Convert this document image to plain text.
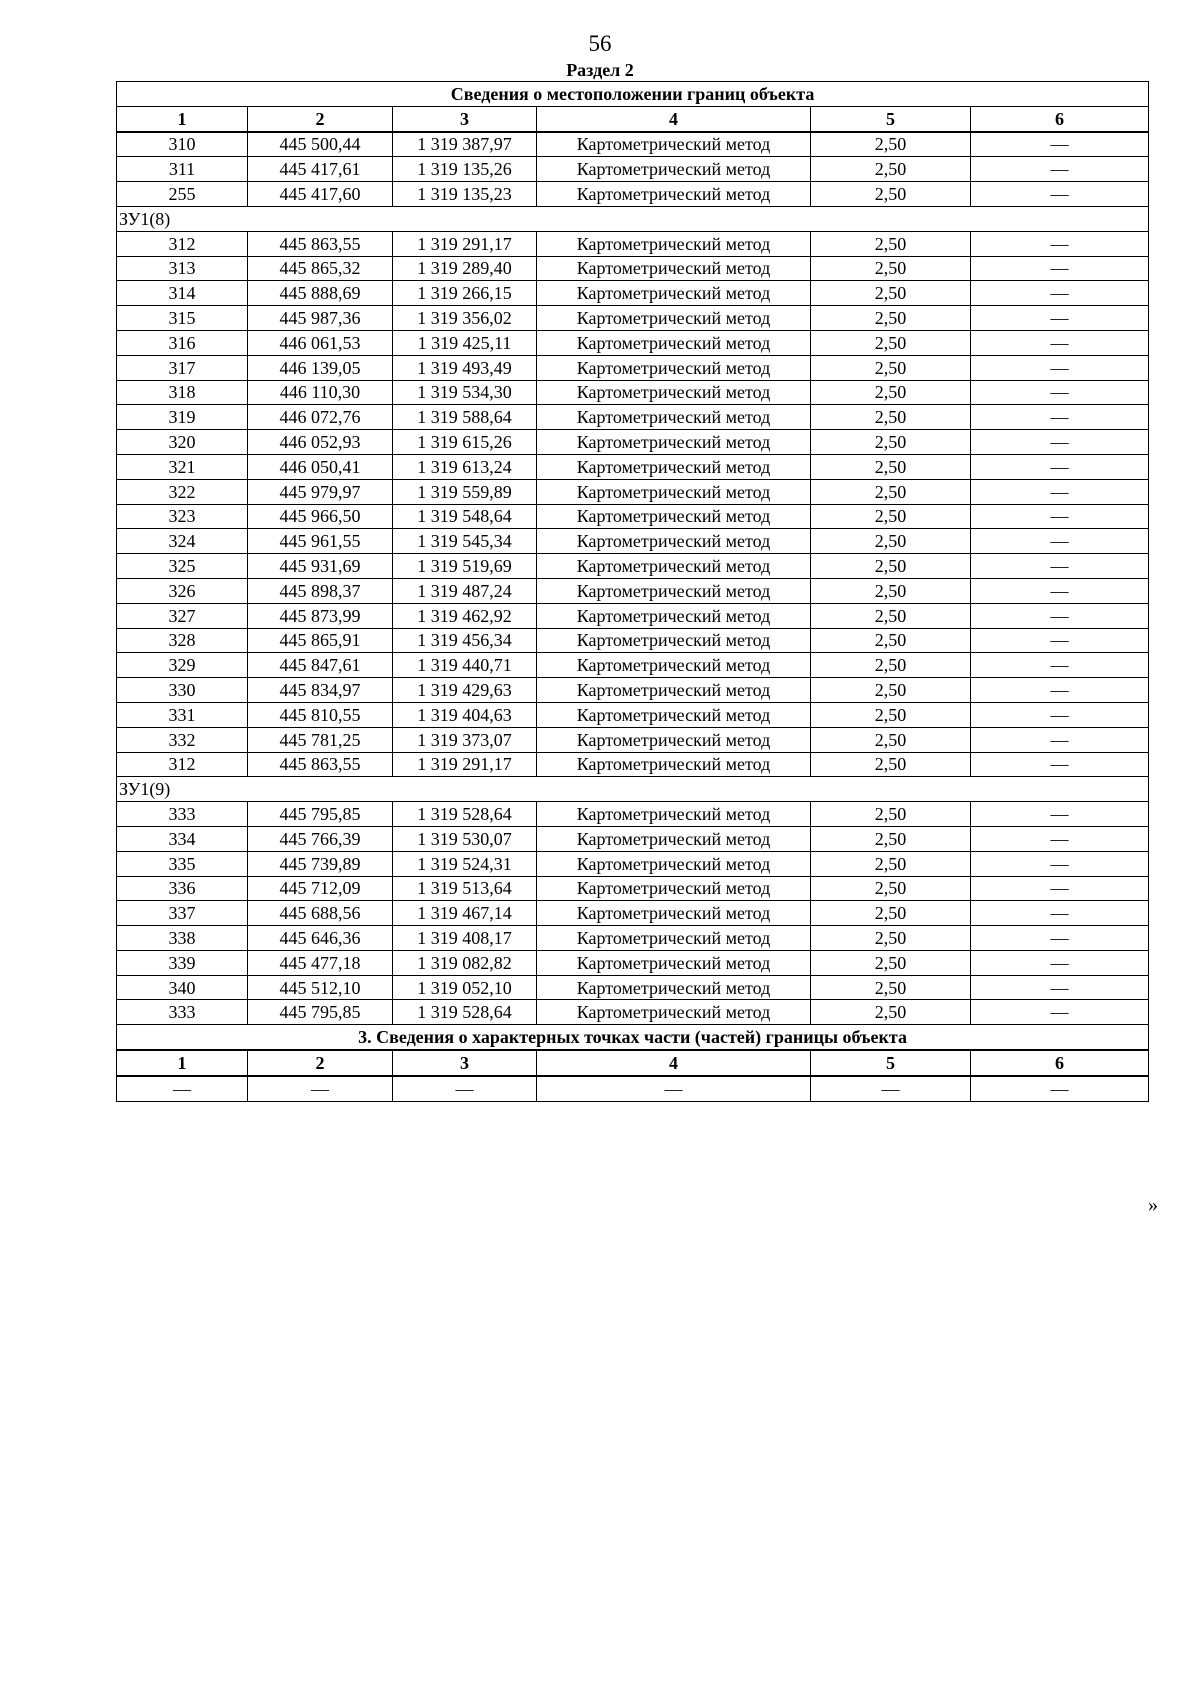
56
Раздел 2
Сведения о местоположении границ объекта					
1	2	3	4	5	6
310	445 500,44	1 319 387,97	Картометрический метод	2,50	—
311	445 417,61	1 319 135,26	Картометрический метод	2,50	—
255	445 417,60	1 319 135,23	Картометрический метод	2,50	—
ЗУ1(8)					
312	445 863,55	1 319 291,17	Картометрический метод	2,50	—
313	445 865,32	1 319 289,40	Картометрический метод	2,50	—
314	445 888,69	1 319 266,15	Картометрический метод	2,50	—
315	445 987,36	1 319 356,02	Картометрический метод	2,50	—
316	446 061,53	1 319 425,11	Картометрический метод	2,50	—
317	446 139,05	1 319 493,49	Картометрический метод	2,50	—
318	446 110,30	1 319 534,30	Картометрический метод	2,50	—
319	446 072,76	1 319 588,64	Картометрический метод	2,50	—
320	446 052,93	1 319 615,26	Картометрический метод	2,50	—
321	446 050,41	1 319 613,24	Картометрический метод	2,50	—
322	445 979,97	1 319 559,89	Картометрический метод	2,50	—
323	445 966,50	1 319 548,64	Картометрический метод	2,50	—
324	445 961,55	1 319 545,34	Картометрический метод	2,50	—
325	445 931,69	1 319 519,69	Картометрический метод	2,50	—
326	445 898,37	1 319 487,24	Картометрический метод	2,50	—
327	445 873,99	1 319 462,92	Картометрический метод	2,50	—
328	445 865,91	1 319 456,34	Картометрический метод	2,50	—
329	445 847,61	1 319 440,71	Картометрический метод	2,50	—
330	445 834,97	1 319 429,63	Картометрический метод	2,50	—
331	445 810,55	1 319 404,63	Картометрический метод	2,50	—
332	445 781,25	1 319 373,07	Картометрический метод	2,50	—
312	445 863,55	1 319 291,17	Картометрический метод	2,50	—
ЗУ1(9)					
333	445 795,85	1 319 528,64	Картометрический метод	2,50	—
334	445 766,39	1 319 530,07	Картометрический метод	2,50	—
335	445 739,89	1 319 524,31	Картометрический метод	2,50	—
336	445 712,09	1 319 513,64	Картометрический метод	2,50	—
337	445 688,56	1 319 467,14	Картометрический метод	2,50	—
338	445 646,36	1 319 408,17	Картометрический метод	2,50	—
339	445 477,18	1 319 082,82	Картометрический метод	2,50	—
340	445 512,10	1 319 052,10	Картометрический метод	2,50	—
333	445 795,85	1 319 528,64	Картометрический метод	2,50	—
3. Сведения о характерных точках части (частей) границы объекта					
1	2	3	4	5	6
—	—	—	—	—	—
»
